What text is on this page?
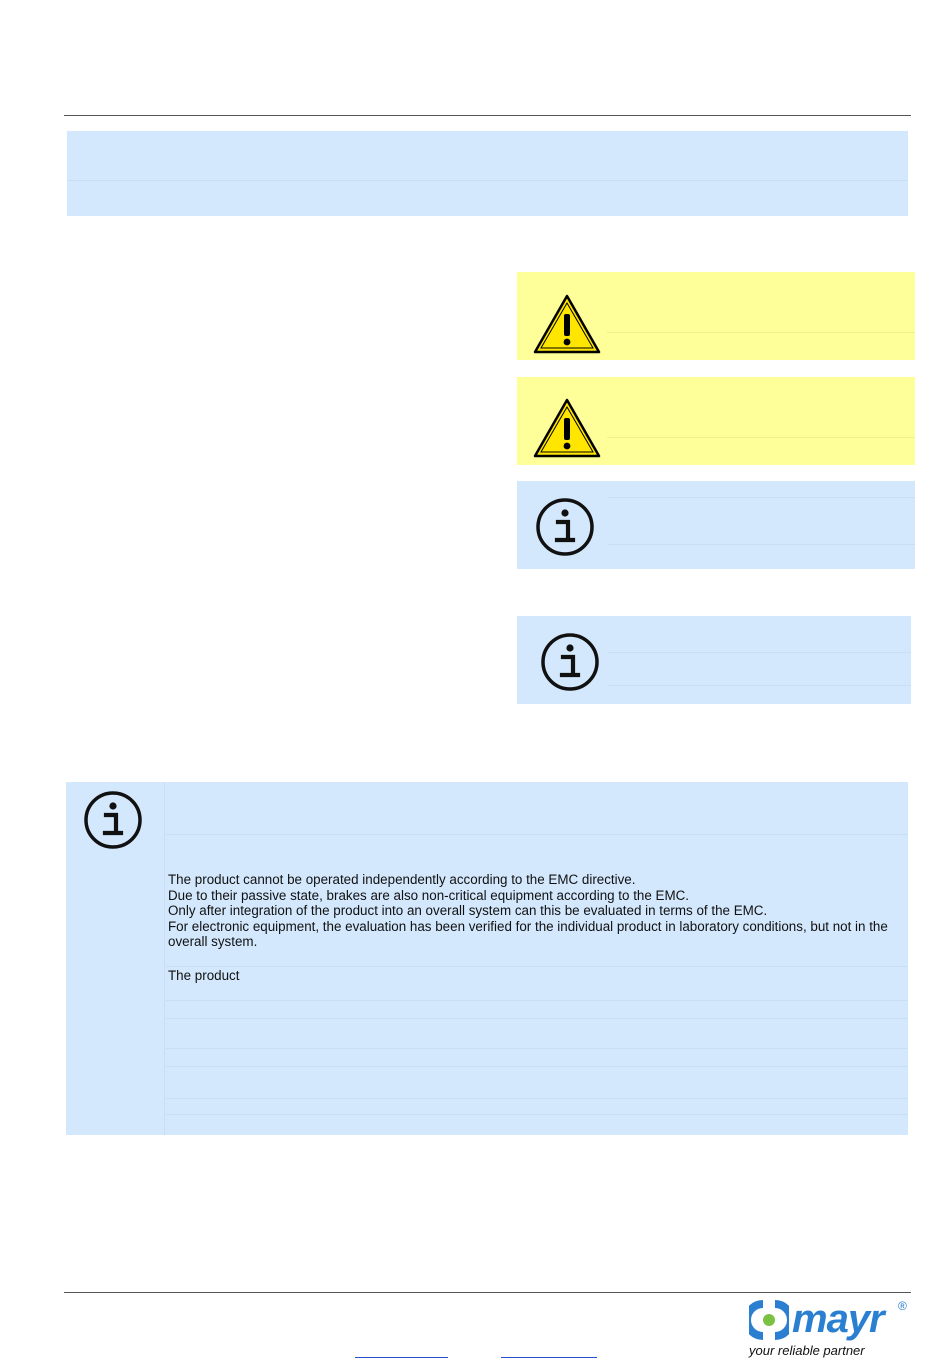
The product cannot be operated independently according to the EMC directive.
Due to their passive state, brakes are also non-critical equipment according to the EMC.
Only after integration of the product into an overall system can this be evaluated in terms of the EMC.
For electronic equipment, the evaluation has been verified for the individual product in laboratory conditions, but not in the overall system.
The product
mayr ®
your reliable partner
